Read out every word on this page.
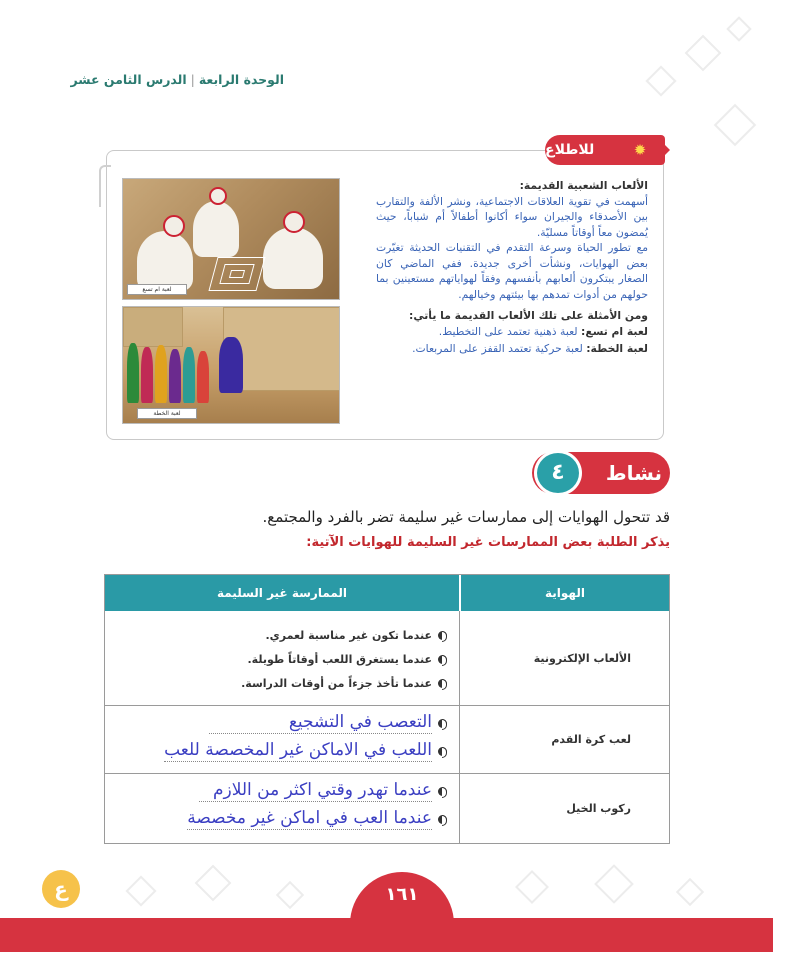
الوحدة الرابعة|الدرس الثامن عشر
للاطلاع	✹
لعبة ام تسع
لعبة الخطة
الألعاب الشعبية القديمة:
أسهمت في تقوية العلاقات الاجتماعية، ونشر الألفة والتقارب بين الأصدقاء والجيران سواء أكانوا أطفالاً أم شباباً، حيث يُمضون معاً أوقاتاً مسليّة.
مع تطور الحياة وسرعة التقدم في التقنيات الحديثة تغيّرت بعض الهوايات، ونشأت أخرى جديدة. ففي الماضي كان الصغار يبتكرون ألعابهم بأنفسهم وفقاً لهواياتهم مستعينين بما حولهم من أدوات تمدهم بها بيئتهم وخيالهم.
ومن الأمثلة على تلك الألعاب القديمة ما يأتي:
لعبة ام تسع: لعبة ذهنية تعتمد على التخطيط.
لعبة الخطة: لعبة حركية تعتمد القفز على المربعات.
نشاط
٤
قد تتحول الهوايات إلى ممارسات غير سليمة تضر بالفرد والمجتمع.
يذكر الطلبة بعض الممارسات غير السليمة للهوايات الآتية:
الهواية
الممارسة غير السليمة
الألعاب الإلكترونية
عندما تكون غير مناسبة لعمري.
عندما يستغرق اللعب أوقاتاً طويلة.
عندما تأخذ جزءاً من أوقات الدراسة.
لعب كرة القدم
التعصب في التشجيع
اللعب في الاماكن غير المخصصة للعب
ركوب الخيل
عندما تهدر وقتي اكثر من اللازم
عندما العب في اماكن غير مخصصة
ع	١٦١
